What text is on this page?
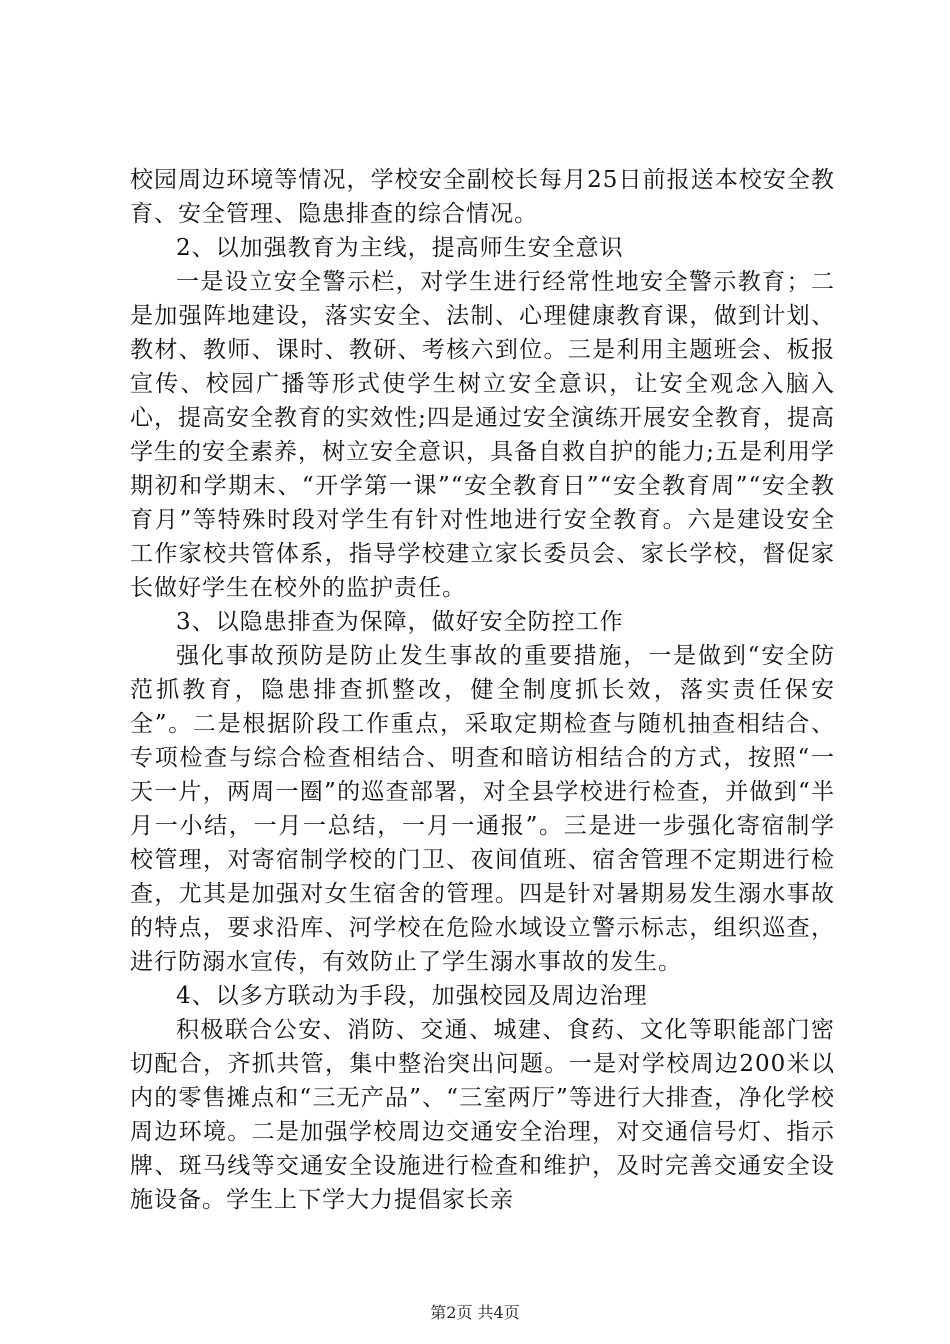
校园周边环境等情况，学校安全副校长每月25日前报送本校安全教育、安全管理、隐患排查的综合情况。

2、以加强教育为主线，提高师生安全意识

一是设立安全警示栏，对学生进行经常性地安全警示教育；二是加强阵地建设，落实安全、法制、心理健康教育课，做到计划、教材、教师、课时、教研、考核六到位。三是利用主题班会、板报宣传、校园广播等形式使学生树立安全意识，让安全观念入脑入心，提高安全教育的实效性;四是通过安全演练开展安全教育，提高学生的安全素养，树立安全意识，具备自救自护的能力;五是利用学期初和学期末、“开学第一课”“安全教育日”“安全教育周”“安全教育月”等特殊时段对学生有针对性地进行安全教育。六是建设安全工作家校共管体系，指导学校建立家长委员会、家长学校，督促家长做好学生在校外的监护责任。

3、以隐患排查为保障，做好安全防控工作

强化事故预防是防止发生事故的重要措施，一是做到“安全防范抓教育，隐患排查抓整改，健全制度抓长效，落实责任保安全”。二是根据阶段工作重点，采取定期检查与随机抽查相结合、专项检查与综合检查相结合、明查和暗访相结合的方式，按照“一天一片，两周一圈”的巡查部署，对全县学校进行检查，并做到“半月一小结，一月一总结，一月一通报”。三是进一步强化寄宿制学校管理，对寄宿制学校的门卫、夜间值班、宿舍管理不定期进行检查，尤其是加强对女生宿舍的管理。四是针对暑期易发生溺水事故的特点，要求沿库、河学校在危险水域设立警示标志，组织巡查，进行防溺水宣传，有效防止了学生溺水事故的发生。

4、以多方联动为手段，加强校园及周边治理

积极联合公安、消防、交通、城建、食药、文化等职能部门密切配合，齐抓共管，集中整治突出问题。一是对学校周边200米以内的零售摊点和“三无产品”、“三室两厅”等进行大排查，净化学校周边环境。二是加强学校周边交通安全治理，对交通信号灯、指示牌、斑马线等交通安全设施进行检查和维护，及时完善交通安全设施设备。学生上下学大力提倡家长亲

第2页 共4页
